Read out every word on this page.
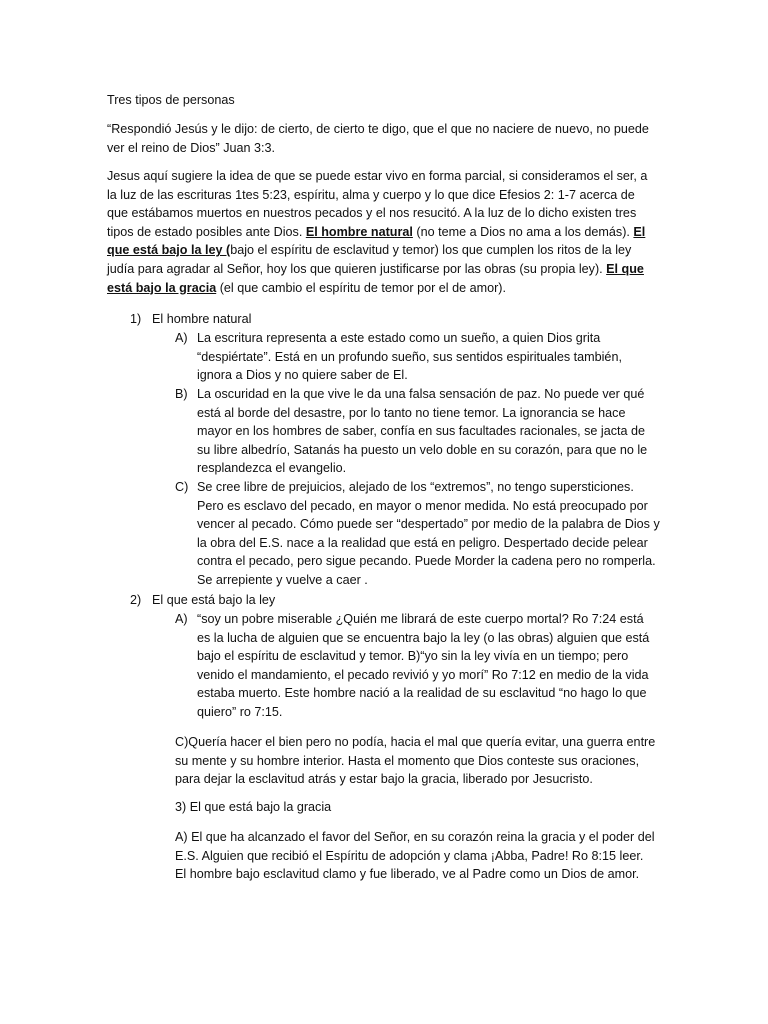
Tres tipos de personas

“Respondió Jesús y le dijo: de cierto, de cierto te digo, que el que no naciere de nuevo, no puede ver el reino de Dios” Juan 3:3.

Jesus aquí sugiere la idea de que se puede estar vivo en forma parcial, si consideramos el ser, a la luz de las escrituras 1tes 5:23, espíritu, alma y cuerpo y lo que dice Efesios 2: 1-7 acerca de que estábamos muertos en nuestros pecados y el nos resucitó. A la luz de lo dicho existen tres tipos de estado posibles ante Dios. El hombre natural (no teme a Dios no ama a los demás). El que está bajo la ley (bajo el espíritu de esclavitud y temor) los que cumplen los ritos de la ley judía para agradar al Señor, hoy los que quieren justificarse por las obras (su propia ley). El que está bajo la gracia (el que cambio el espíritu de temor por el de amor).

1) El hombre natural
A) La escritura representa a este estado como un sueño, a quien Dios grita “despiértate”. Está en un profundo sueño, sus sentidos espirituales también, ignora a Dios y no quiere saber de El.
B) La oscuridad en la que vive le da una falsa sensación de paz. No puede ver qué está al borde del desastre, por lo tanto no tiene temor. La ignorancia se hace mayor en los hombres de saber, confía en sus facultades racionales, se jacta de su libre albedrío, Satanás ha puesto un velo doble en su corazón, para que no le resplandezca el evangelio.
C) Se cree libre de prejuicios, alejado de los “extremos”, no tengo supersticiones. Pero es esclavo del pecado, en mayor o menor medida. No está preocupado por vencer al pecado. Cómo puede ser “despertado” por medio de la palabra de Dios y la obra del E.S. nace a la realidad que está en peligro. Despertado decide pelear contra el pecado, pero sigue pecando. Puede Morder la cadena pero no romperla. Se arrepiente y vuelve a caer .
2) El que está bajo la ley
A) “soy un pobre miserable ¿Quién me librará de este cuerpo mortal? Ro 7:24 está es la lucha de alguien que se encuentra bajo la ley (o las obras) alguien que está bajo el espíritu de esclavitud y temor. B)“yo sin la ley vivía en un tiempo; pero venido el mandamiento, el pecado revivió y yo morí” Ro 7:12 en medio de la vida estaba muerto. Este hombre nació a la realidad de su esclavitud “no hago lo que quiero” ro 7:15.

C)Quería hacer el bien pero no podía, hacia el mal que quería evitar, una guerra entre su mente y su hombre interior. Hasta el momento que Dios conteste sus oraciones, para dejar la esclavitud atrás y estar bajo la gracia, liberado por Jesucristo.

3) El que está bajo la gracia

A) El que ha alcanzado el favor del Señor, en su corazón reina la gracia y el poder del E.S. Alguien que recibió el Espíritu de adopción y clama ¡Abba, Padre! Ro 8:15 leer.

El hombre bajo esclavitud clamo y fue liberado, ve al Padre como un Dios de amor.
